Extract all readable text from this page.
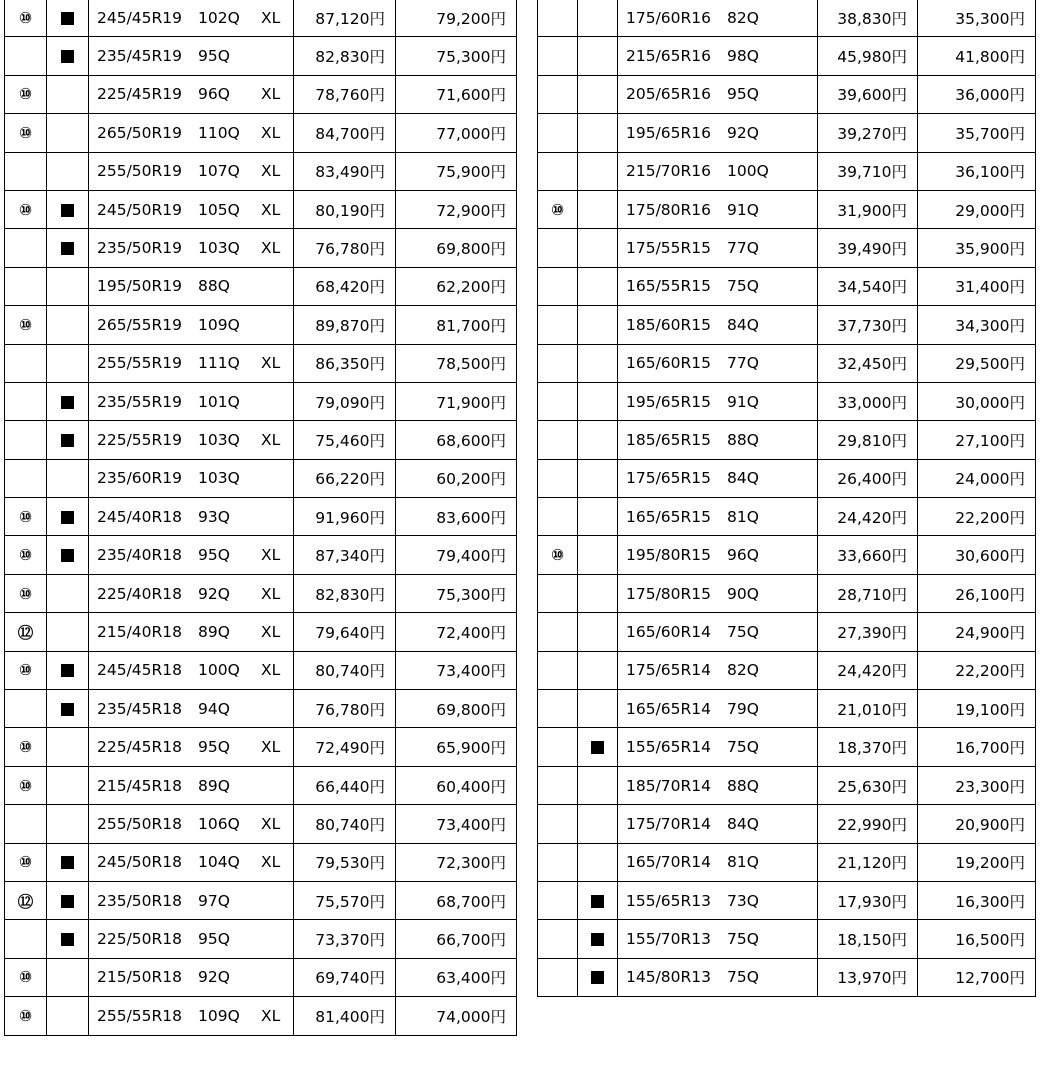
⑩		245/45R19 102Q XL	87,120円	79,200円
		235/45R19 95Q	82,830円	75,300円
⑩		225/45R19 96Q XL	78,760円	71,600円
⑩		265/50R19 110Q XL	84,700円	77,000円
		255/50R19 107Q XL	83,490円	75,900円
⑩		245/50R19 105Q XL	80,190円	72,900円
		235/50R19 103Q XL	76,780円	69,800円
		195/50R19 88Q	68,420円	62,200円
⑩		265/55R19 109Q	89,870円	81,700円
		255/55R19 111Q XL	86,350円	78,500円
		235/55R19 101Q	79,090円	71,900円
		225/55R19 103Q XL	75,460円	68,600円
		235/60R19 103Q	66,220円	60,200円
⑩		245/40R18 93Q	91,960円	83,600円
⑩		235/40R18 95Q XL	87,340円	79,400円
⑩		225/40R18 92Q XL	82,830円	75,300円
⑫		215/40R18 89Q XL	79,640円	72,400円
⑩		245/45R18 100Q XL	80,740円	73,400円
		235/45R18 94Q	76,780円	69,800円
⑩		225/45R18 95Q XL	72,490円	65,900円
⑩		215/45R18 89Q	66,440円	60,400円
		255/50R18 106Q XL	80,740円	73,400円
⑩		245/50R18 104Q XL	79,530円	72,300円
⑫		235/50R18 97Q	75,570円	68,700円
		225/50R18 95Q	73,370円	66,700円
⑩		215/50R18 92Q	69,740円	63,400円
⑩		255/55R18 109Q XL	81,400円	74,000円
		175/60R16 82Q	38,830円	35,300円
		215/65R16 98Q	45,980円	41,800円
		205/65R16 95Q	39,600円	36,000円
		195/65R16 92Q	39,270円	35,700円
		215/70R16 100Q	39,710円	36,100円
⑩		175/80R16 91Q	31,900円	29,000円
		175/55R15 77Q	39,490円	35,900円
		165/55R15 75Q	34,540円	31,400円
		185/60R15 84Q	37,730円	34,300円
		165/60R15 77Q	32,450円	29,500円
		195/65R15 91Q	33,000円	30,000円
		185/65R15 88Q	29,810円	27,100円
		175/65R15 84Q	26,400円	24,000円
		165/65R15 81Q	24,420円	22,200円
⑩		195/80R15 96Q	33,660円	30,600円
		175/80R15 90Q	28,710円	26,100円
		165/60R14 75Q	27,390円	24,900円
		175/65R14 82Q	24,420円	22,200円
		165/65R14 79Q	21,010円	19,100円
		155/65R14 75Q	18,370円	16,700円
		185/70R14 88Q	25,630円	23,300円
		175/70R14 84Q	22,990円	20,900円
		165/70R14 81Q	21,120円	19,200円
		155/65R13 73Q	17,930円	16,300円
		155/70R13 75Q	18,150円	16,500円
		145/80R13 75Q	13,970円	12,700円
